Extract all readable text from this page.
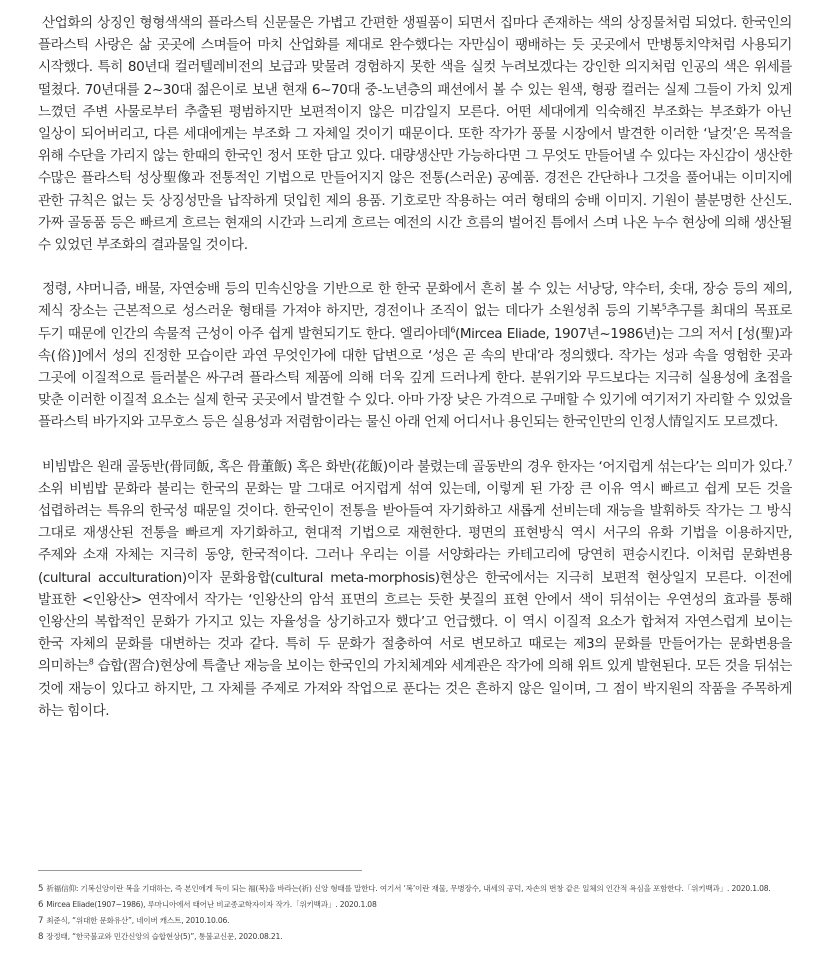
산업화의 상징인 형형색색의 플라스틱 신문물은 가볍고 간편한 생필품이 되면서 집마다 존재하는 색의 상징물처럼 되었다. 한국인의 플라스틱 사랑은 삶 곳곳에 스며들어 마치 산업화를 제대로 완수했다는 자만심이 팽배하는 듯 곳곳에서 만병통치약처럼 사용되기 시작했다. 특히 80년대 컬러텔레비전의 보급과 맞물려 경험하지 못한 색을 실컷 누려보겠다는 강인한 의지처럼 인공의 색은 위세를 떨쳤다. 70년대를 2~30대 젊은이로 보낸 현재 6~70대 중-노년층의 패션에서 볼 수 있는 원색, 형광 컬러는 실제 그들이 가치 있게 느꼈던 주변 사물로부터 추출된 평범하지만 보편적이지 않은 미감일지 모른다. 어떤 세대에게 익숙해진 부조화는 부조화가 아닌 일상이 되어버리고, 다른 세대에게는 부조화 그 자체일 것이기 때문이다. 또한 작가가 풍물 시장에서 발견한 이러한 ‘날것’은 목적을 위해 수단을 가리지 않는 한때의 한국인 정서 또한 담고 있다. 대량생산만 가능하다면 그 무엇도 만들어낼 수 있다는 자신감이 생산한 수많은 플라스틱 성상聖像과 전통적인 기법으로 만들어지지 않은 전통(스러운) 공예품. 경전은 간단하나 그것을 풀어내는 이미지에 관한 규칙은 없는 듯 상징성만을 납작하게 덧입힌 제의 용품. 기호로만 작용하는 여러 형태의 숭배 이미지. 기원이 불분명한 산신도. 가짜 골동품 등은 빠르게 흐르는 현재의 시간과 느리게 흐르는 예전의 시간 흐름의 벌어진 틈에서 스며 나온 누수 현상에 의해 생산될 수 있었던 부조화의 결과물일 것이다.

정령, 샤머니즘, 배물, 자연숭배 등의 민속신앙을 기반으로 한 한국 문화에서 흔히 볼 수 있는 서낭당, 약수터, 솟대, 장승 등의 제의, 제식 장소는 근본적으로 성스러운 형태를 가져야 하지만, 경전이나 조직이 없는 데다가 소원성취 등의 기복$^5$추구를 최대의 목표로 두기 때문에 인간의 속물적 근성이 아주 쉽게 발현되기도 한다. 엘리아데$^6$(Mircea Eliade, 1907년~1986년)는 그의 저서 [성(聖)과 속(俗)]에서 성의 진정한 모습이란 과연 무엇인가에 대한 답변으로 ‘성은 곧 속의 반대’라 정의했다. 작가는 성과 속을 영험한 곳과 그곳에 이질적으로 들러붙은 싸구려 플라스틱 제품에 의해 더욱 깊게 드러나게 한다. 분위기와 무드보다는 지극히 실용성에 초점을 맞춘 이러한 이질적 요소는 실제 한국 곳곳에서 발견할 수 있다. 아마 가장 낮은 가격으로 구매할 수 있기에 여기저기 자리할 수 있었을 플라스틱 바가지와 고무호스 등은 실용성과 저렴함이라는 물신 아래 언제 어디서나 용인되는 한국인만의 인정人情일지도 모르겠다.

비빔밥은 원래 골동반(骨同飯, 혹은 骨董飯) 혹은 화반(花飯)이라 불렸는데 골동반의 경우 한자는 ‘어지럽게 섞는다’는 의미가 있다.$^7$ 소위 비빔밥 문화라 불리는 한국의 문화는 말 그대로 어지럽게 섞여 있는데, 이렇게 된 가장 큰 이유 역시 빠르고 쉽게 모든 것을 섭렵하려는 특유의 한국성 때문일 것이다. 한국인이 전통을 받아들여 자기화하고 새롭게 선비는데 재능을 발휘하듯 작가는 그 방식 그대로 재생산된 전통을 빠르게 자기화하고, 현대적 기법으로 재현한다. 평면의 표현방식 역시 서구의 유화 기법을 이용하지만, 주제와 소재 자체는 지극히 동양, 한국적이다. 그러나 우리는 이를 서양화라는 카테고리에 당연히 편승시킨다. 이처럼 문화변용(cultural acculturation)이자 문화융합(cultural meta-morphosis)현상은 한국에서는 지극히 보편적 현상일지 모른다. 이전에 발표한 <인왕산> 연작에서 작가는 ‘인왕산의 암석 표면의 흐르는 듯한 붓질의 표현 안에서 색이 뒤섞이는 우연성의 효과를 통해 인왕산의 복합적인 문화가 가지고 있는 자율성을 상기하고자 했다’고 언급했다. 이 역시 이질적 요소가 합쳐져 자연스럽게 보이는 한국 자체의 문화를 대변하는 것과 같다. 특히 두 문화가 절충하여 서로 변모하고 때로는 제3의 문화를 만들어가는 문화변용을 의미하는$^8$ 습합(習合)현상에 특출난 재능을 보이는 한국인의 가치체계와 세계관은 작가에 의해 위트 있게 발현된다. 모든 것을 뒤섞는 것에 재능이 있다고 하지만, 그 자체를 주제로 가져와 작업으로 푼다는 것은 흔하지 않은 일이며, 그 점이 박지원의 작품을 주목하게 하는 힘이다.

5 祈福信仰: 기복신앙이란 복을 기대하는, 즉 본인에게 득이 되는 福(복)을 바라는(祈) 신앙 형태를 말한다. 여기서 ‘복’이란 재물, 무병장수, 내세의 공덕, 자손의 번창 같은 일체의 인간적 욕심을 포함한다.「위키백과」. 2020.1.08.
6 Mircea Eliade(1907~1986), 루마니아에서 태어난 비교종교학자이자 작가.「위키백과」. 2020.1.08
7 최준식, “위대한 문화유산”, 네이버 캐스트, 2010.10.06.
8 장정태, “한국불교와 민간신앙의 습합현상(5)”, 통불교신문, 2020.08.21.
